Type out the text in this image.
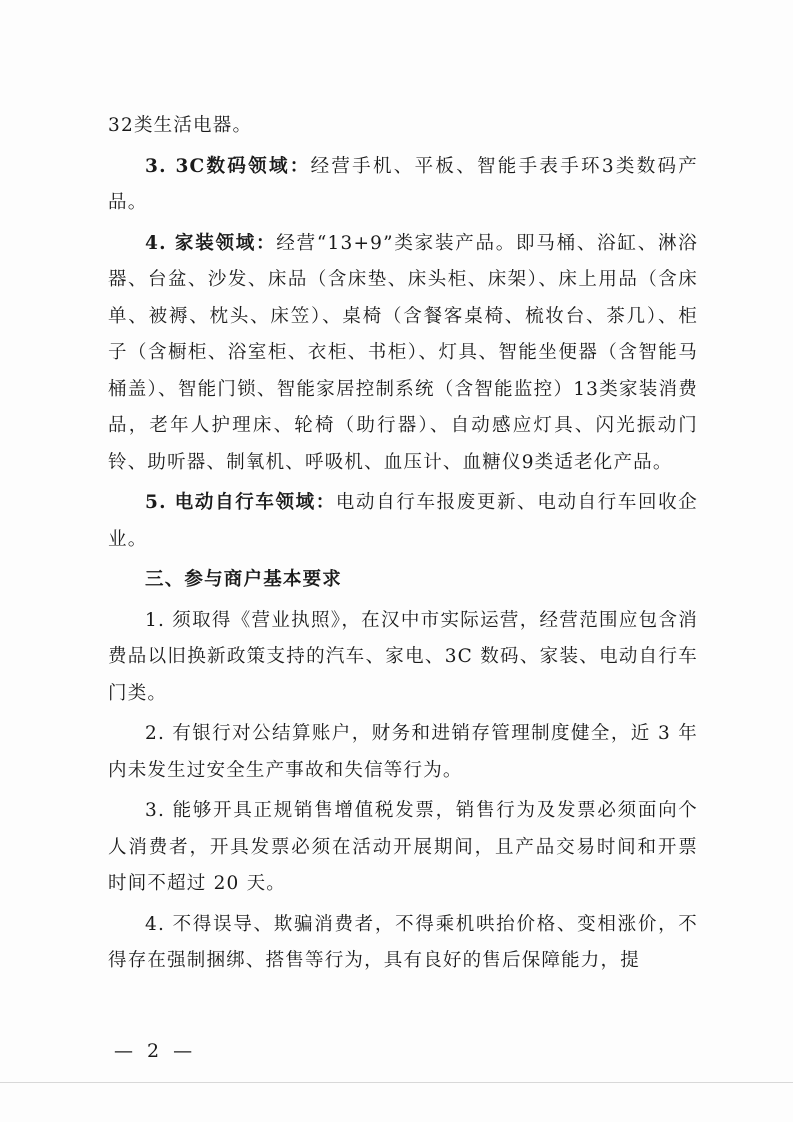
32类生活电器。

3. 3C数码领域：经营手机、平板、智能手表手环3类数码产品。

4. 家装领域：经营“13+9”类家装产品。即马桶、浴缸、淋浴器、台盆、沙发、床品（含床垫、床头柜、床架）、床上用品（含床单、被褥、枕头、床笠）、桌椅（含餐客桌椅、梳妆台、茶几）、柜子（含橱柜、浴室柜、衣柜、书柜）、灯具、智能坐便器（含智能马桶盖）、智能门锁、智能家居控制系统（含智能监控）13类家装消费品，老年人护理床、轮椅（助行器）、自动感应灯具、闪光振动门铃、助听器、制氧机、呼吸机、血压计、血糖仪9类适老化产品。

5. 电动自行车领域：电动自行车报废更新、电动自行车回收企业。

三、参与商户基本要求

1. 须取得《营业执照》，在汉中市实际运营，经营范围应包含消费品以旧换新政策支持的汽车、家电、3C 数码、家装、电动自行车门类。

2. 有银行对公结算账户，财务和进销存管理制度健全，近 3 年内未发生过安全生产事故和失信等行为。

3. 能够开具正规销售增值税发票，销售行为及发票必须面向个人消费者，开具发票必须在活动开展期间，且产品交易时间和开票时间不超过 20 天。

4. 不得误导、欺骗消费者，不得乘机哄抬价格、变相涨价，不得存在强制捆绑、搭售等行为，具有良好的售后保障能力，提

— 2 —
